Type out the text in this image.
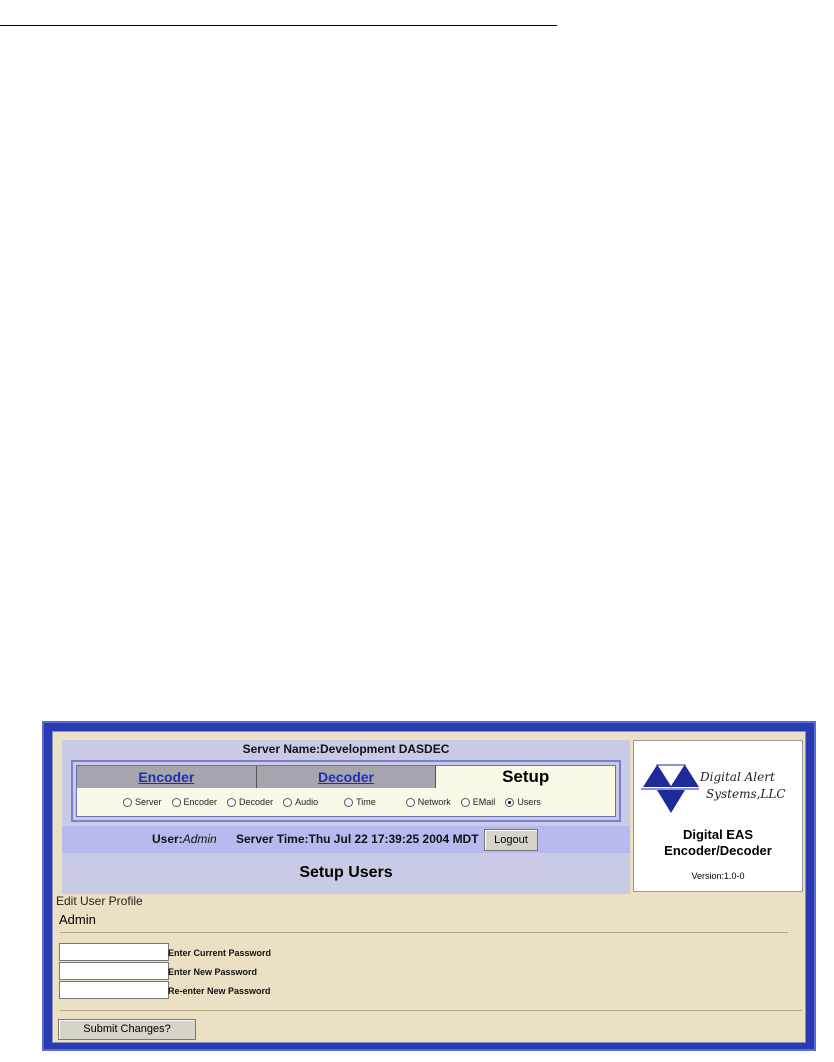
Server Name:Development DASDEC
Encoder	Decoder	Setup
Server Encoder Decoder Audio	Time	Network EMail Users
User:Admin Server Time:Thu Jul 22 17:39:25 2004 MDT	Logout
Setup Users
Digital Alert
Systems,LLC
Digital EAS
Encoder/Decoder
Version:1.0-0
Edit User Profile
Admin
Enter Current Password
Enter New Password
Re-enter New Password
Submit Changes?
